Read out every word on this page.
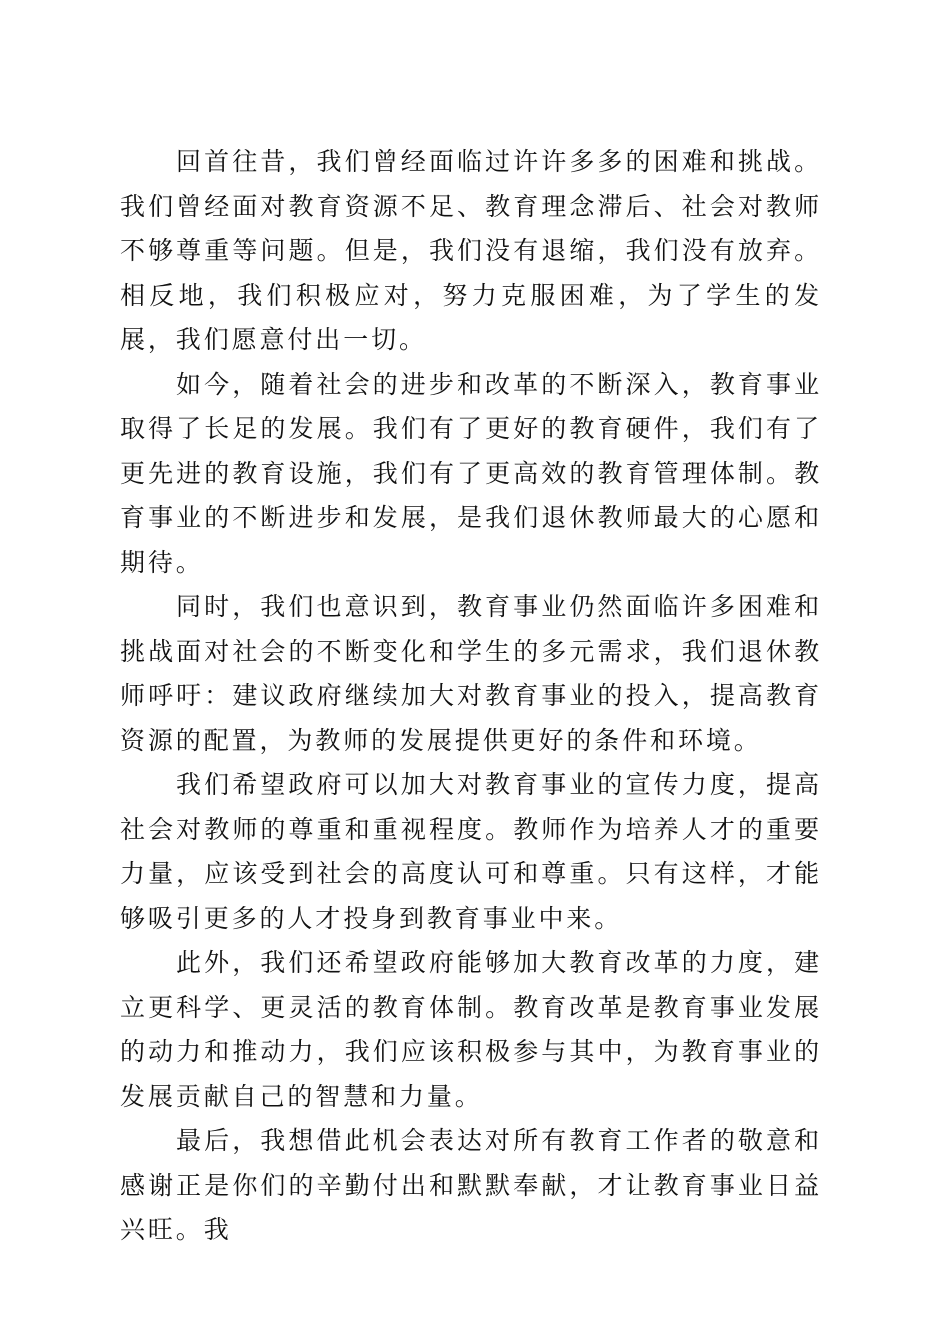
回首往昔，我们曾经面临过许许多多的困难和挑战。我们曾经面对教育资源不足、教育理念滞后、社会对教师不够尊重等问题。但是，我们没有退缩，我们没有放弃。相反地，我们积极应对，努力克服困难，为了学生的发展，我们愿意付出一切。

如今，随着社会的进步和改革的不断深入，教育事业取得了长足的发展。我们有了更好的教育硬件，我们有了更先进的教育设施，我们有了更高效的教育管理体制。教育事业的不断进步和发展，是我们退休教师最大的心愿和期待。

同时，我们也意识到，教育事业仍然面临许多困难和挑战面对社会的不断变化和学生的多元需求，我们退休教师呼吁：建议政府继续加大对教育事业的投入，提高教育资源的配置，为教师的发展提供更好的条件和环境。

我们希望政府可以加大对教育事业的宣传力度，提高社会对教师的尊重和重视程度。教师作为培养人才的重要力量，应该受到社会的高度认可和尊重。只有这样，才能够吸引更多的人才投身到教育事业中来。

此外，我们还希望政府能够加大教育改革的力度，建立更科学、更灵活的教育体制。教育改革是教育事业发展的动力和推动力，我们应该积极参与其中，为教育事业的发展贡献自己的智慧和力量。

最后，我想借此机会表达对所有教育工作者的敬意和感谢正是你们的辛勤付出和默默奉献，才让教育事业日益兴旺。我
